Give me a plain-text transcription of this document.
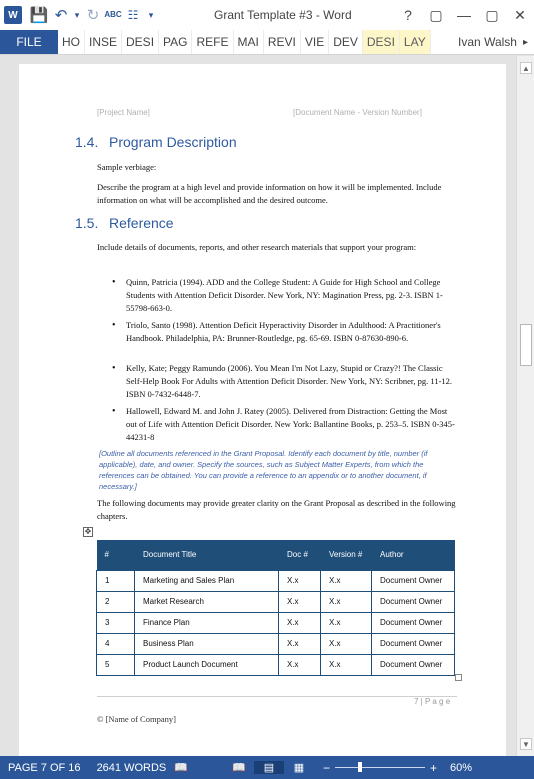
W 💾 ↶ ▾ ↻ ABC ☷	▾	Grant Template #3 - Word	?	▢	—	▢	✕
FILE	HO INSE DESI PAG REFE MAI REVI VIE DEV DESI LAY	Ivan Walsh ▸
[Project Name]	[Document Name - Version Number]
1.4. Program Description
Sample verbiage:
Describe the program at a high level and provide information on how it will be implemented. Include information on what will be accomplished and the desired outcome.
1.5. Reference
Include details of documents, reports, and other research materials that support your program:
• Quinn, Patricia (1994). ADD and the College Student: A Guide for High School and College Students with Attention Deficit Disorder. New York, NY: Magination Press, pg. 2-3. ISBN 1-55798-663-0.
• Triolo, Santo (1998). Attention Deficit Hyperactivity Disorder in Adulthood: A Practitioner's Handbook. Philadelphia, PA: Brunner-Routledge, pg. 65-69. ISBN 0-87630-890-6.
• Kelly, Kate; Peggy Ramundo (2006). You Mean I'm Not Lazy, Stupid or Crazy?! The Classic Self-Help Book For Adults with Attention Deficit Disorder. New York, NY: Scribner, pg. 11-12. ISBN 0-7432-6448-7.
• Hallowell, Edward M. and John J. Ratey (2005). Delivered from Distraction: Getting the Most out of Life with Attention Deficit Disorder. New York: Ballantine Books, p. 253–5. ISBN 0-345-44231-8
[Outline all documents referenced in the Grant Proposal. Identify each document by title, number (if applicable), date, and owner. Specify the sources, such as Subject Matter Experts, from which the references can be obtained. You can provide a reference to an appendix or to another document, if necessary.]
The following documents may provide greater clarity on the Grant Proposal as described in the following chapters.
✥
#	Document Title	Doc #	Version #	Author
1	Marketing and Sales Plan	X.x	X.x	Document Owner
2	Market Research	X.x	X.x	Document Owner
3	Finance Plan	X.x	X.x	Document Owner
4	Business Plan	X.x	X.x	Document Owner
5	Product Launch Document	X.x	X.x	Document Owner
7 | P a g e
© [Name of Company]
▲
▼
PAGE 7 OF 16	2641 WORDS 📖	📖	▤	▦	−	+ 60%
